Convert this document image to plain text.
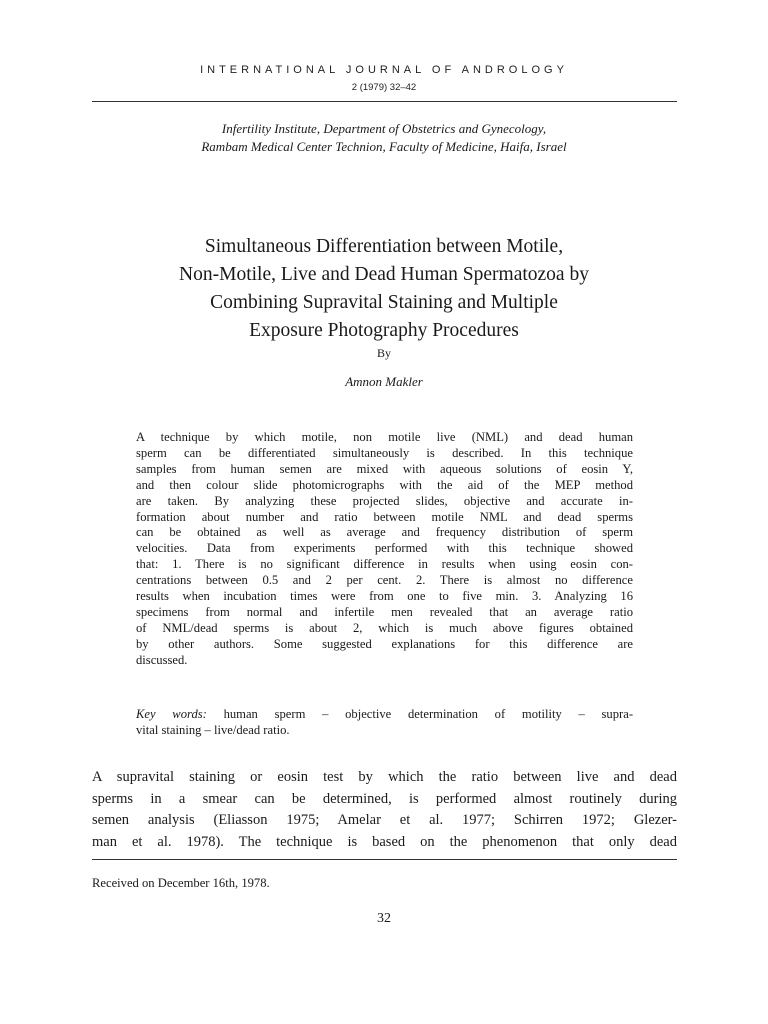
INTERNATIONAL JOURNAL OF ANDROLOGY
2 (1979) 32–42
Infertility Institute, Department of Obstetrics and Gynecology,
Rambam Medical Center Technion, Faculty of Medicine, Haifa, Israel
Simultaneous Differentiation between Motile,
Non-Motile, Live and Dead Human Spermatozoa by
Combining Supravital Staining and Multiple
Exposure Photography Procedures
By
Amnon Makler
A technique by which motile, non motile live (NML) and dead human
sperm can be differentiated simultaneously is described. In this technique
samples from human semen are mixed with aqueous solutions of eosin Y,
and then colour slide photomicrographs with the aid of the MEP method
are taken. By analyzing these projected slides, objective and accurate in-
formation about number and ratio between motile NML and dead sperms
can be obtained as well as average and frequency distribution of sperm
velocities. Data from experiments performed with this technique showed
that: 1. There is no significant difference in results when using eosin con-
centrations between 0.5 and 2 per cent. 2. There is almost no difference
results when incubation times were from one to five min. 3. Analyzing 16
specimens from normal and infertile men revealed that an average ratio
of NML/dead sperms is about 2, which is much above figures obtained
by other authors. Some suggested explanations for this difference are
discussed.
Key words: human sperm – objective determination of motility – supra-
vital staining – live/dead ratio.
A supravital staining or eosin test by which the ratio between live and dead
sperms in a smear can be determined, is performed almost routinely during
semen analysis (Eliasson 1975; Amelar et al. 1977; Schirren 1972; Glezer-
man et al. 1978). The technique is based on the phenomenon that only dead
Received on December 16th, 1978.
32
